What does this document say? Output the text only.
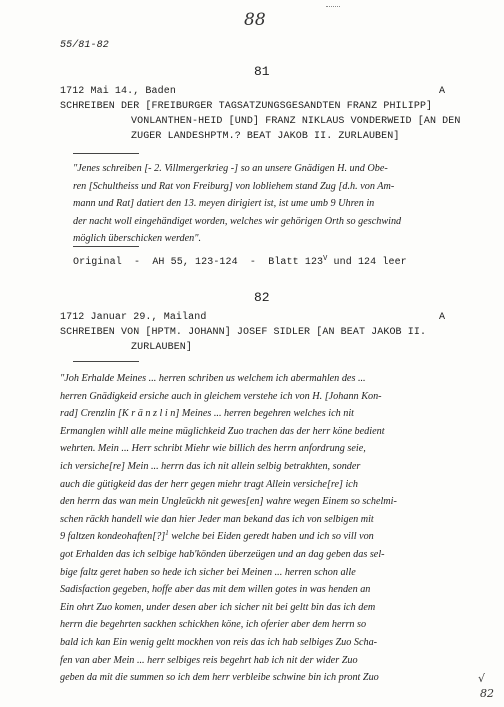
88
55/81-82
81
1712 Mai 14., Baden	A
SCHREIBEN DER [FREIBURGER TAGSATZUNGSGESANDTEN FRANZ PHILIPP]
VONLANTHEN-HEID [UND] FRANZ NIKLAUS VONDERWEID [AN DEN
ZUGER LANDESHPTM.? BEAT JAKOB II. ZURLAUBEN]
"Jenes schreiben [- 2. Villmergerkrieg -] so an unsere Gnädigen H. und Obe-
ren [Schultheiss und Rat von Freiburg] von lobliehem stand Zug [d.h. von Am-
mann und Rat] datiert den 13. meyen dirigiert ist, ist ume umb 9 Uhren in
der nacht woll eingehändiget worden, welches wir gehörigen Orth so geschwind
möglich überschicken werden".
Original  -  AH 55, 123-124  -  Blatt $123^V$ und 124 leer
82
1712 Januar 29., Mailand	A
SCHREIBEN VON [HPTM. JOHANN] JOSEF SIDLER [AN BEAT JAKOB II.
ZURLAUBEN]
"Joh Erhalde Meines ... herren schriben us welchem ich abermahlen des ...
herren Gnädigkeid ersiche auch in gleichem verstehe ich von H. [Johann Kon-
rad] Crenzlin [K r ä n z l i n] Meines ... herren begehren welches ich nit
Ermanglen wihll alle meine müglichkeid Zuo trachen das der herr köne bedient
wehrten. Mein ... Herr schribt Miehr wie billich des herrn anfordrung seie,
ich versiche[re] Mein ... herrn das ich nit allein selbig betrakhten, sonder
auch die gütigkeid das der herr gegen miehr tragt Allein versiche[re] ich
den herrn das wan mein Ungleückh nit gewes[en] wahre wegen Einem so schelmi-
schen räckh handell wie dan hier Jeder man bekand das ich von selbigen mit
9 faltzen kondeohaften[?]$^1$ welche bei Eiden geredt haben und ich so vill von
got Erhalden das ich selbige hab'könden überzeügen und an dag geben das sel-
bige faltz geret haben so hede ich sicher bei Meinen ... herren schon alle
Sadisfaction gegeben, hoffe aber das mit dem willen gotes in was henden an
Ein ohrt Zuo komen, under desen aber ich sicher nit bei geltt bin das ich dem
herrn die begehrten sackhen schickhen köne, ich oferier aber dem herrn so
bald ich kan Ein wenig geltt mockhen von reis das ich hab selbiges Zuo Scha-
fen van aber Mein ... herr selbiges reis begehrt hab ich nit der wider Zuo
geben da mit die summen so ich dem herr verbleibe schwine bin ich pront Zuo	√
82
